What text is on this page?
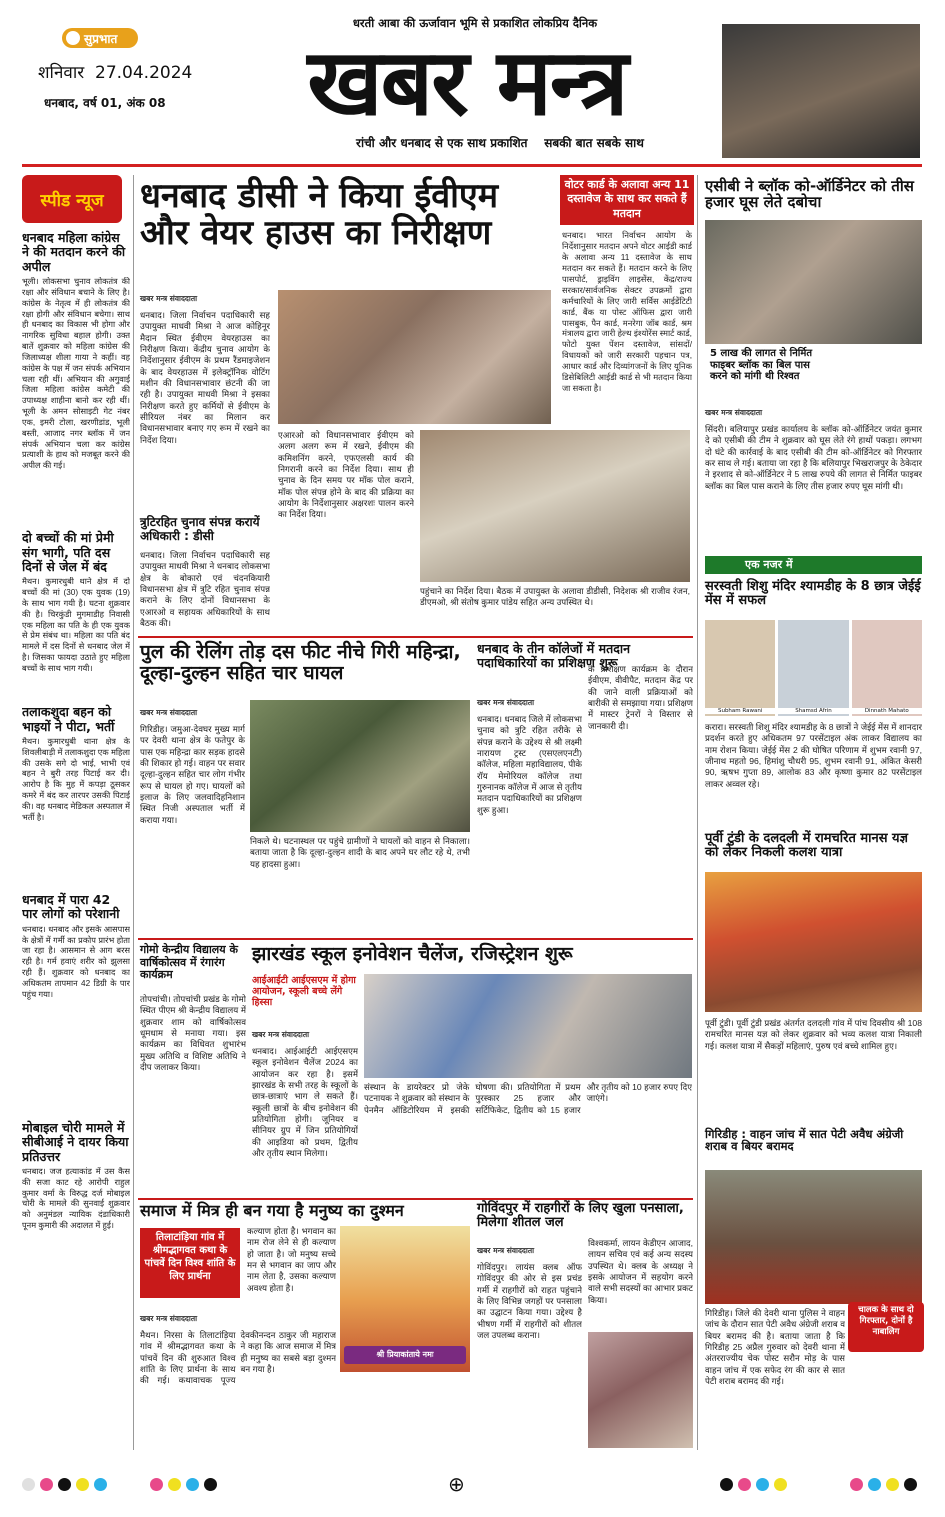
सुप्रभात
शनिवार  27.04.2024
धनबाद, वर्ष 01, अंक 08
धरती आबा की ऊर्जावान भूमि से प्रकाशित लोकप्रिय दैनिक
खबर मन्त्र
रांची और धनबाद से एक साथ प्रकाशित    सबकी बात सबके साथ
स्पीड न्यूज
धनबाद महिला कांग्रेस ने की मतदान करने की अपील
भूली। लोकसभा चुनाव लोकतंत्र की रक्षा और संविधान बचाने के लिए है। कांग्रेस के नेतृत्व में ही लोकतंत्र की रक्षा होगी और संविधान बचेगा। साथ ही धनबाद का विकास भी होगा और नागरिक सुविधा बहाल होगी। उक्त बातें शुक्रवार को महिला कांग्रेस की जिलाध्यक्ष शीला गाया ने कहीं। वह कांग्रेस के पक्ष में जन संपर्क अभियान चला रही थीं। अभियान की अगुवाई जिला महिला कांग्रेस कमेटी की उपाध्यक्ष शाहीना बानो कर रही थीं। भूली के अमन सोसाइटी गेट नंबर एक, इमरी टोला, खरणीडांड, भूली बस्ती, आजाद नगर ब्लॉक में जन संपर्क अभियान चला कर कांग्रेस प्रत्याशी के हाथ को मजबूत करने की अपील की गई।
दो बच्चों की मां प्रेमी संग भागी, पति दस दिनों से जेल में बंद
मैथन। कुमारधुबी थाने क्षेत्र में दो बच्चों की मां (30) एक युवक (19) के साथ भाग गयी है। घटना शुक्रवार की है। चिरकुंडी मुगमाडीह निवासी एक महिला का पति के ही एक युवक से प्रेम संबंध था। महिला का पति बंद मामले में दस दिनों से धनबाद जेल में है। जिसका फायदा उठाते हुए महिला बच्चों के साथ भाग गयी।
तलाकशुदा बहन को भाइयों ने पीटा, भर्ती
मैथन। कुमारधुबी थाना क्षेत्र के शिवलीबाड़ी में तलाकशुदा एक महिला की उसके सगे दो भाई, भाभी एवं बहन ने बुरी तरह पिटाई कर दी। आरोप है कि मुह में कपड़ा ठूसकर कमरे में बंद कर तारपर उसकी पिटाई की। वह धनबाद मेडिकल अस्पताल में भर्ती है।
धनबाद में पारा 42 पार लोगों को परेशानी
धनबाद। धनबाद और इसके आसपास के क्षेत्रों में गर्मी का प्रकोप प्रारंभ होता जा रहा है। आसमान से आग बरस रही है। गर्म हवाएं शरीर को झुलसा रही हैं। शुक्रवार को धनबाद का अधिकतम तापमान 42 डिग्री के पार पहुंच गया।
मोबाइल चोरी मामले में सीबीआई ने दायर किया प्रतिउत्तर
धनबाद। जज हत्याकांड में उस कैस की सजा काट रहे आरोपी राहुल कुमार वर्मा के विरुद्ध दर्ज मोबाइल चोरी के मामले की सुनवाई शुक्रवार को अनुमंडल न्यायिक दंडाधिकारी पूनम कुमारी की अदालत में हुई।
धनबाद डीसी ने किया ईवीएम और वेयर हाउस का निरीक्षण
खबर मन्त्र संवाददाता
धनबाद। जिला निर्वाचन पदाधिकारी सह उपायुक्त माधवी मिश्रा ने आज कोहिनूर मैदान स्थित ईवीएम वेयरहाउस का निरीक्षण किया। केंद्रीय चुनाव आयोग के निर्देशानुसार ईवीएम के प्रथम रैंडमाइजेशन के बाद वेयरहाउस में इलेक्ट्रॉनिक वोटिंग मशीन की विधानसभावार छंटनी की जा रही है। उपायुक्त माधवी मिश्रा ने इसका निरीक्षण करते हुए कर्मियों से ईवीएम के सीरियल नंबर का मिलान कर विधानसभावार बनाए गए रूम में रखने का निर्देश दिया।	एआरओ को विधानसभावार ईवीएम को अलग अलग रूम में रखने, ईवीएम की कमिशनिंग करने, एफएलसी कार्य की निगरानी करने का निर्देश दिया। साथ ही चुनाव के दिन समय पर मॉक पोल कराने, मॉक पोल संपन्न होने के बाद की प्रक्रिया का आयोग के निर्देशानुसार अक्षरशः पालन करने का निर्देश दिया।
पहुंचाने का निर्देश दिया। बैठक में उपायुक्त के अलावा डीडीसी, निदेशक श्री राजीव रंजन, डीएमओ, श्री संतोष कुमार पांडेय सहित अन्य उपस्थित थे।
त्रुटिरहित चुनाव संपन्न करायें अधिकारी : डीसी
धनबाद। जिला निर्वाचन पदाधिकारी सह उपायुक्त माधवी मिश्रा ने धनबाद लोकसभा क्षेत्र के बोकारो एवं चंदनकियारी विधानसभा क्षेत्र में त्रुटि रहित चुनाव संपन्न कराने के लिए दोनों विधानसभा के एआरओ व सहायक अधिकारियों के साथ बैठक की।
वोटर कार्ड के अलावा अन्य 11 दस्तावेज के साथ कर सकते हैं मतदान
धनबाद। भारत निर्वाचन आयोग के निर्देशानुसार मतदान अपने वोटर आईडी कार्ड के अलावा अन्य 11 दस्तावेज के साथ मतदान कर सकते हैं। मतदान करने के लिए पासपोर्ट, ड्राइविंग लाइसेंस, केंद्र/राज्य सरकार/सार्वजनिक सेक्टर उपक्रमों द्वारा कर्मचारियों के लिए जारी सर्विस आईडेंटिटी कार्ड, बैंक या पोस्ट ऑफिस द्वारा जारी पासबुक, पैन कार्ड, मनरेगा जॉब कार्ड, श्रम मंत्रालय द्वारा जारी हेल्थ इंश्योरेंस स्मार्ट कार्ड, फोटो युक्त पेंशन दस्तावेज, सांसदों/विधायकों को जारी सरकारी पहचान पत्र, आधार कार्ड और दिव्यांगजनों के लिए यूनिक डिसेबिलिटी आईडी कार्ड से भी मतदान किया जा सकता है।
एसीबी ने ब्लॉक को-ऑर्डिनेटर को तीस हजार घूस लेते दबोचा
5 लाख की लागत से निर्मित फाइबर ब्लॉक का बिल पास करने को मांगी थी रिश्वत
खबर मन्त्र संवाददाता
सिंदरी। बलियापुर प्रखंड कार्यालय के ब्लॉक को-ऑर्डिनेटर जयंत कुमार दे को एसीबी की टीम ने शुक्रवार को घूस लेते रंगे हाथों पकड़ा। लगभग दो घंटे की कार्रवाई के बाद एसीबी की टीम को-ऑर्डिनेटर को गिरफ्तार कर साथ ले गई। बताया जा रहा है कि बलियापुर भिखराजपुर के ठेकेदार ने इरशाद से को-ऑर्डिनेटर ने 5 लाख रुपये की लागत से निर्मित फाइबर ब्लॉक का बिल पास कराने के लिए तीस हजार रुपए घूस मांगी थी।
एक नजर में
सरस्वती शिशु मंदिर श्यामडीह के 8 छात्र जेईई मेंस में सफल
Subham Rawani	Shamsd Afrin	Dinnath Mahato
करारा। सरस्वती शिशु मंदिर श्यामडीह के 8 छात्रों ने जेईई मेंस में शानदार प्रदर्शन करते हुए अधिकतम 97 परसेंटाइल अंक लाकर विद्यालय का नाम रोशन किया। जेईई मेंस 2 की घोषित परिणाम में शुभम रवानी 97, जीनाथ महतो 96, हिमांशु चौधरी 95, शुभम रवानी 91, अंकित केसरी 90, ऋषभ गुप्ता 89, आलोक 83 और कृष्णा कुमार 82 परसेंटाइल लाकर अव्वल रहे।
पूर्वी टुंडी के दलदली में रामचरित मानस यज्ञ को लेकर निकली कलश यात्रा
पूर्वी टुंडी। पूर्वी टुंडी प्रखंड अंतर्गत दलदली गांव में पांच दिवसीय श्री 108 रामचरित मानस यज्ञ को लेकर शुक्रवार को भव्य कलश यात्रा निकाली गई। कलश यात्रा में सैकड़ों महिलाएं, पुरुष एवं बच्चे शामिल हुए।
गिरिडीह : वाहन जांच में सात पेटी अवैध अंग्रेजी शराब व बियर बरामद
चालक के साथ दो गिरफ्तार, दोनों है नाबालिग
गिरिडीह। जिले की देवरी थाना पुलिस ने वाहन जांच के दौरान सात पेटी अवैध अंग्रेजी शराब व बियर बरामद की है। बताया जाता है कि गिरिडीह 25 अप्रैल गुरुवार को देवरी थाना में अंतरराज्यीय चेक पोस्ट सरौन मोड़ के पास वाहन जांच में एक सफेद रंग की कार से सात पेटी शराब बरामद की गई।
पुल की रेलिंग तोड़ दस फीट नीचे गिरी महिन्द्रा, दूल्हा-दुल्हन सहित चार घायल
खबर मन्त्र संवाददाता
गिरिडीह। जमुआ-देवघर मुख्य मार्ग पर देवरी थाना क्षेत्र के फतेपुर के पास एक महिन्द्रा कार सड़क हादसे की शिकार हो गई। वाहन पर सवार दूल्हा-दुल्हन सहित चार लोग गंभीर रूप से घायल हो गए। घायलों को इलाज के लिए जलवादिहनिशान स्थित निजी अस्पताल भर्ती में कराया गया।
निकले थे। घटनास्थल पर पहुंचे ग्रामीणों ने घायलों को वाहन से निकाला। बताया जाता है कि दूल्हा-दुल्हन शादी के बाद अपने घर लौट रहे थे, तभी यह हादसा हुआ।
धनबाद के तीन कॉलेजों में मतदान पदाधिकारियों का प्रशिक्षण शुरू
खबर मन्त्र संवाददाता
धनबाद। धनबाद जिले में लोकसभा चुनाव को त्रुटि रहित तरीके से संपन्न कराने के उद्देश्य से श्री लक्ष्मी नारायण ट्रस्ट (एसएलएनटी) कॉलेज, महिला महाविद्यालय, पीके रॉय मेमोरियल कॉलेज तथा गुरुनानक कॉलेज में आज से तृतीय मतदान पदाधिकारियों का प्रशिक्षण शुरू हुआ।
के प्रशिक्षण कार्यक्रम के दौरान ईवीएम, वीवीपैट, मतदान केंद्र पर की जाने वाली प्रक्रियाओं को बारीकी से समझाया गया। प्रशिक्षण में मास्टर ट्रेनरों ने विस्तार से जानकारी दी।
गोमो केन्द्रीय विद्यालय के वार्षिकोत्सव में रंगारंग कार्यक्रम
तोपचांची। तोपचांची प्रखंड के गोमो स्थित पीएम श्री केन्द्रीय विद्यालय में शुक्रवार शाम को वार्षिकोत्सव धूमधाम से मनाया गया। इस कार्यक्रम का विधिवत शुभारंभ मुख्य अतिथि व विशिष्ट अतिथि ने दीप जलाकर किया।
झारखंड स्कूल इनोवेशन चैलेंज, रजिस्ट्रेशन शुरू
आईआईटी आईएसएम में होगा आयोजन, स्कूली बच्चे लेंगे हिस्सा
खबर मन्त्र संवाददाता
धनबाद। आईआईटी आईएसएम स्कूल इनोवेशन चैलेंज 2024 का आयोजन कर रहा है। इसमें झारखंड के सभी तरह के स्कूलों के छात्र-छात्राएं भाग ले सकते हैं। स्कूली छात्रों के बीच इनोवेशन की प्रतियोगिता होगी। जूनियर व सीनियर ग्रुप में जिन प्रतियोगियों की आइडिया को प्रथम, द्वितीय और तृतीय स्थान मिलेगा।
संस्थान के डायरेक्टर प्रो जेके पटनायक ने शुक्रवार को संस्थान के पेनमैन ऑडिटोरियम में इसकी घोषणा की। प्रतियोगिता में प्रथम पुरस्कार 25 हजार और सर्टिफिकेट, द्वितीय को 15 हजार और तृतीय को 10 हजार रुपए दिए जाएंगे।
समाज में मित्र ही बन गया है मनुष्य का दुश्मन
तिलाटांड़िया गांव में श्रीमद्भागवत कथा के पांचवें दिन विश्व शांति के लिए प्रार्थना
खबर मन्त्र संवाददाता
मैथन। निरसा के तिलाटांड़िया गांव में श्रीमद्भागवत कथा के पांचवें दिन की शुरुआत विश्व शांति के लिए प्रार्थना के साथ की गई। कथावाचक पूज्य देवकीनन्दन ठाकुर जी महाराज ने कहा कि आज समाज में मित्र ही मनुष्य का सबसे बड़ा दुश्मन बन गया है।
कल्याण होता है। भगवान का नाम रोज लेने से ही कल्याण हो जाता है। जो मनुष्य सच्चे मन से भगवान का जाप और नाम लेता है, उसका कल्याण अवश्य होता है।
श्री प्रियाकांताये नमः
गोविंदपुर में राहगीरों के लिए खुला पनसाला, मिलेगा शीतल जल
खबर मन्त्र संवाददाता
गोविंदपुर। लायंस क्लब ऑफ गोविंदपुर की ओर से इस प्रचंड गर्मी में राहगीरों को राहत पहुंचाने के लिए विभिन्न जगहों पर पनसाला का उद्घाटन किया गया। उद्देश्य है भीषण गर्मी में राहगीरों को शीतल जल उपलब्ध कराना।
विश्वकर्मा, लायन केडीएन आजाद, लायन सचिव एवं कई अन्य सदस्य उपस्थित थे। क्लब के अध्यक्ष ने इसके आयोजन में सहयोग करने वाले सभी सदस्यों का आभार प्रकट किया।
⊕
